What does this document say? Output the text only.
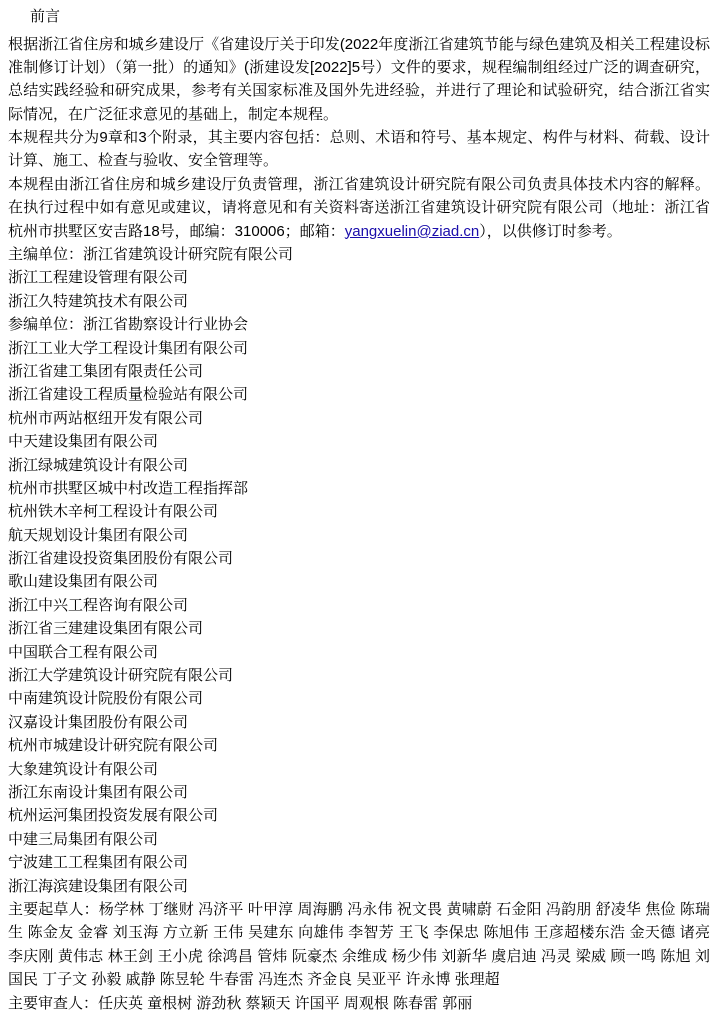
前言

根据浙江省住房和城乡建设厅《省建设厅关于印发(2022年度浙江省建筑节能与绿色建筑及相关工程建设标准制修订计划）（第一批）的通知》(浙建设发[2022]5号）文件的要求，规程编制组经过广泛的调查研究，总结实践经验和研究成果，参考有关国家标准及国外先进经验，并进行了理论和试验研究，结合浙江省实际情况，在广泛征求意见的基础上，制定本规程。

本规程共分为9章和3个附录，其主要内容包括：总则、术语和符号、基本规定、构件与材料、荷载、设计计算、施工、检查与验收、安全管理等。

本规程由浙江省住房和城乡建设厅负责管理，浙江省建筑设计研究院有限公司负责具体技术内容的解释。在执行过程中如有意见或建议，请将意见和有关资料寄送浙江省建筑设计研究院有限公司（地址：浙江省杭州市拱墅区安吉路18号，邮编：310006；邮箱：yangxuelin@ziad.cn），以供修订时参考。

主编单位：浙江省建筑设计研究院有限公司
浙江工程建设管理有限公司
浙江久特建筑技术有限公司
参编单位：浙江省勘察设计行业协会
浙江工业大学工程设计集团有限公司
浙江省建工集团有限责任公司
浙江省建设工程质量检验站有限公司
杭州市两站枢纽开发有限公司
中天建设集团有限公司
浙江绿城建筑设计有限公司
杭州市拱墅区城中村改造工程指挥部
杭州铁木辛柯工程设计有限公司
航天规划设计集团有限公司
浙江省建设投资集团股份有限公司
歌山建设集团有限公司
浙江中兴工程咨询有限公司
浙江省三建建设集团有限公司
中国联合工程有限公司
浙江大学建筑设计研究院有限公司
中南建筑设计院股份有限公司
汉嘉设计集团股份有限公司
杭州市城建设计研究院有限公司
大象建筑设计有限公司
浙江东南设计集团有限公司
杭州运河集团投资发展有限公司
中建三局集团有限公司
宁波建工工程集团有限公司
浙江海滨建设集团有限公司

主要起草人：杨学林 丁继财 冯济平 叶甲淳 周海鹏 冯永伟 祝文畏 黄啸蔚 石金阳 冯韵朋 舒凌华 焦俭 陈瑞生 陈金友 金睿 刘玉海 方立新 王伟 吴建东 向雄伟 李智芳 王飞 李保忠 陈旭伟 王彦超楼东浩 金天德 诸亮 李庆刚 黄伟志 林王剑 王小虎 徐鸿昌 管炜 阮豪杰 余维成 杨少伟 刘新华 虞启迪 冯灵 梁威 顾一鸣 陈旭 刘国民 丁子文 孙毅 戚静 陈昱轮 牛春雷 冯连杰 齐金良 吴亚平 许永博 张理超

主要审查人：任庆英 童根树 游劲秋 蔡颖天 许国平 周观根 陈春雷 郭丽
